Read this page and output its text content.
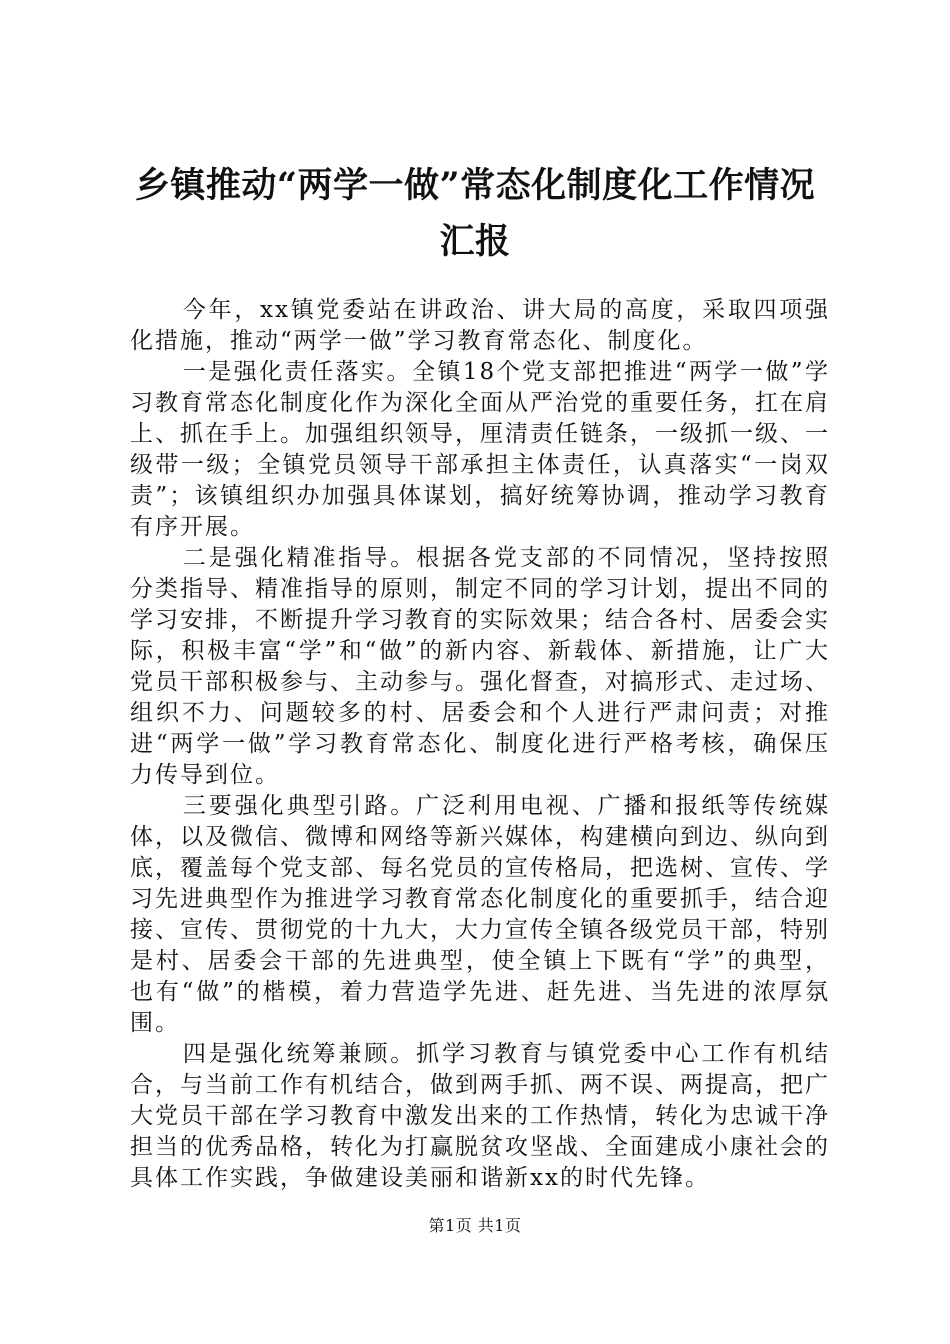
乡镇推动“两学一做”常态化制度化工作情况汇报

今年，xx镇党委站在讲政治、讲大局的高度，采取四项强化措施，推动“两学一做”学习教育常态化、制度化。

一是强化责任落实。全镇18个党支部把推进“两学一做”学习教育常态化制度化作为深化全面从严治党的重要任务，扛在肩上、抓在手上。加强组织领导，厘清责任链条，一级抓一级、一级带一级；全镇党员领导干部承担主体责任，认真落实“一岗双责”；该镇组织办加强具体谋划，搞好统筹协调，推动学习教育有序开展。

二是强化精准指导。根据各党支部的不同情况，坚持按照分类指导、精准指导的原则，制定不同的学习计划，提出不同的学习安排，不断提升学习教育的实际效果；结合各村、居委会实际，积极丰富“学”和“做”的新内容、新载体、新措施，让广大党员干部积极参与、主动参与。强化督查，对搞形式、走过场、组织不力、问题较多的村、居委会和个人进行严肃问责；对推进“两学一做”学习教育常态化、制度化进行严格考核，确保压力传导到位。

三要强化典型引路。广泛利用电视、广播和报纸等传统媒体，以及微信、微博和网络等新兴媒体，构建横向到边、纵向到底，覆盖每个党支部、每名党员的宣传格局，把选树、宣传、学习先进典型作为推进学习教育常态化制度化的重要抓手，结合迎接、宣传、贯彻党的十九大，大力宣传全镇各级党员干部，特别是村、居委会干部的先进典型，使全镇上下既有“学”的典型，也有“做”的楷模，着力营造学先进、赶先进、当先进的浓厚氛围。

四是强化统筹兼顾。抓学习教育与镇党委中心工作有机结合，与当前工作有机结合，做到两手抓、两不误、两提高，把广大党员干部在学习教育中激发出来的工作热情，转化为忠诚干净担当的优秀品格，转化为打赢脱贫攻坚战、全面建成小康社会的具体工作实践，争做建设美丽和谐新xx的时代先锋。

第1页 共1页
